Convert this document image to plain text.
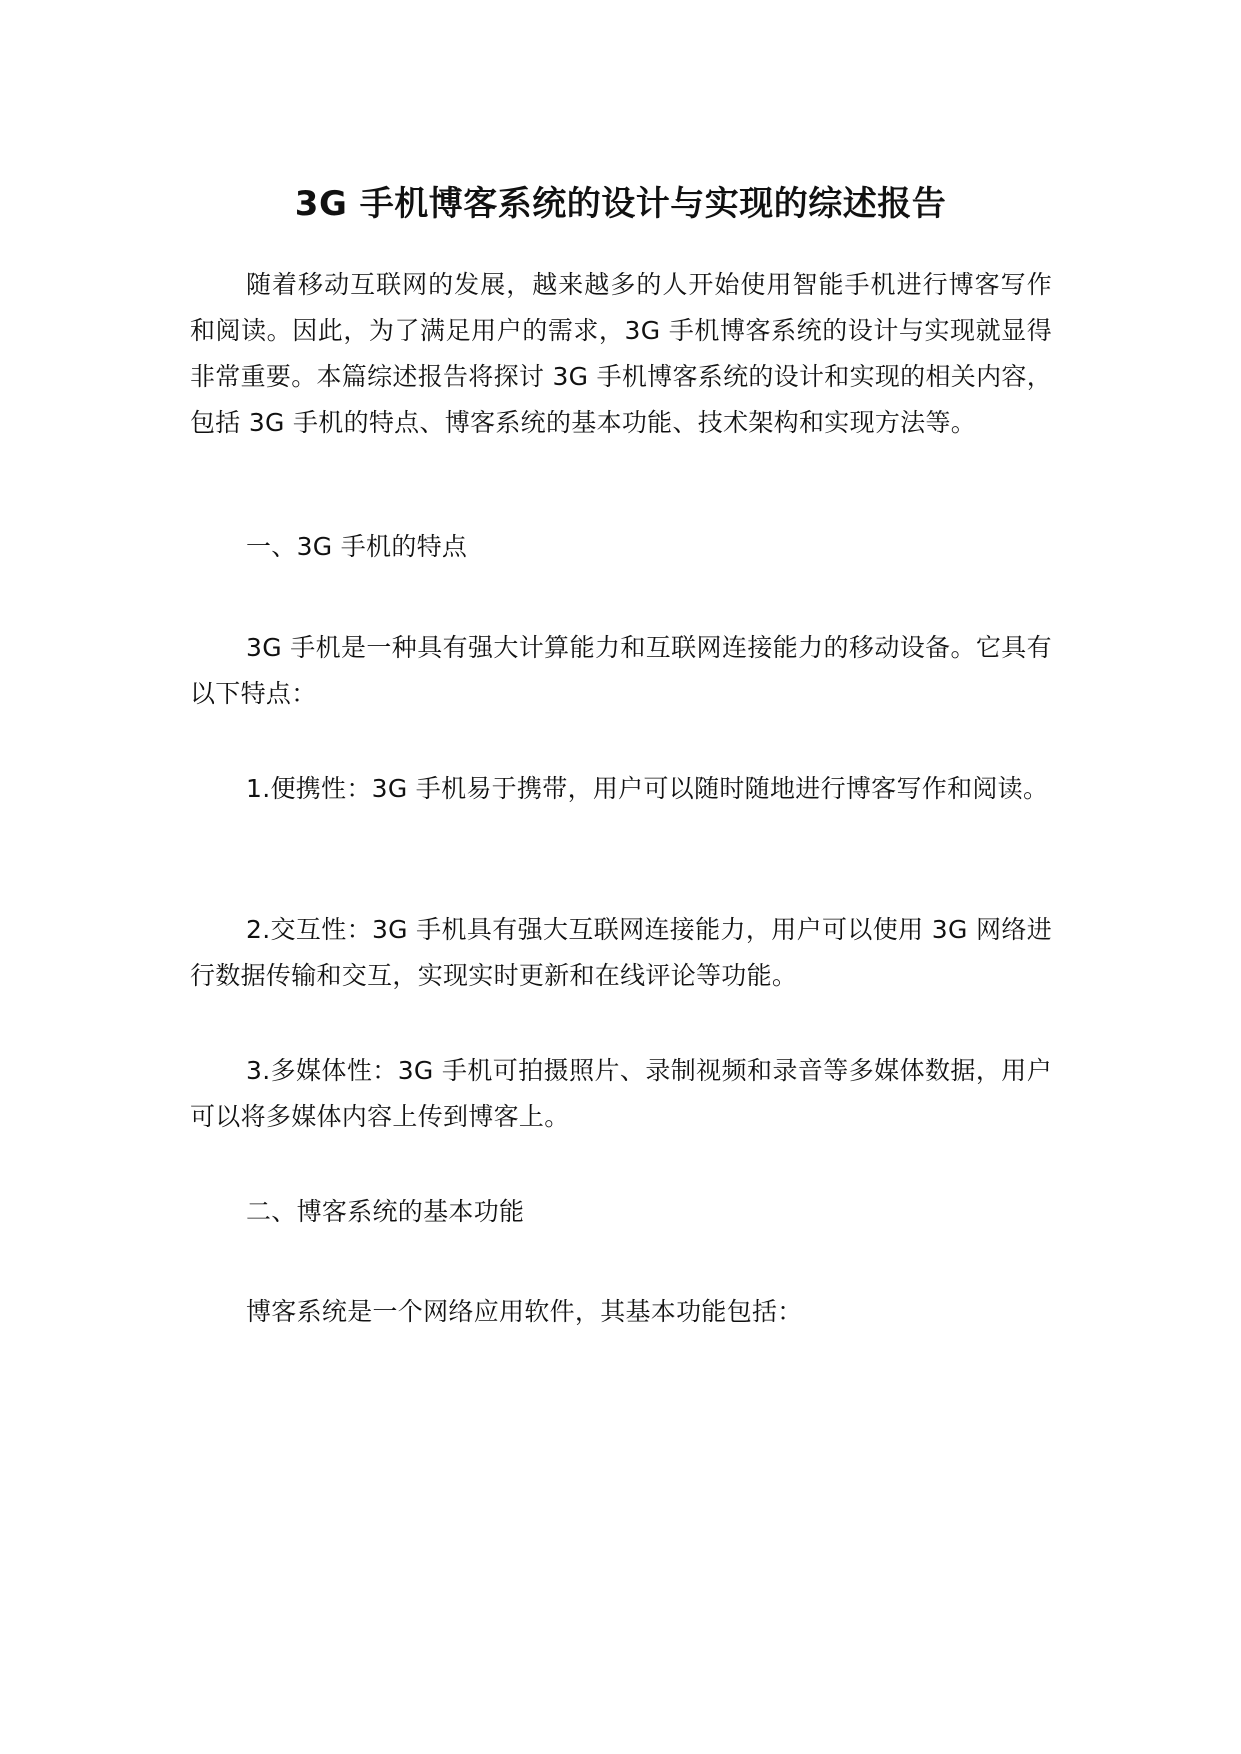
3G 手机博客系统的设计与实现的综述报告

随着移动互联网的发展，越来越多的人开始使用智能手机进行博客写作和阅读。因此，为了满足用户的需求，3G 手机博客系统的设计与实现就显得非常重要。本篇综述报告将探讨 3G 手机博客系统的设计和实现的相关内容，包括 3G 手机的特点、博客系统的基本功能、技术架构和实现方法等。

一、3G 手机的特点

3G 手机是一种具有强大计算能力和互联网连接能力的移动设备。它具有以下特点：

1.便携性：3G 手机易于携带，用户可以随时随地进行博客写作和阅读。

2.交互性：3G 手机具有强大互联网连接能力，用户可以使用 3G 网络进行数据传输和交互，实现实时更新和在线评论等功能。

3.多媒体性：3G 手机可拍摄照片、录制视频和录音等多媒体数据，用户可以将多媒体内容上传到博客上。

二、博客系统的基本功能

博客系统是一个网络应用软件，其基本功能包括：
